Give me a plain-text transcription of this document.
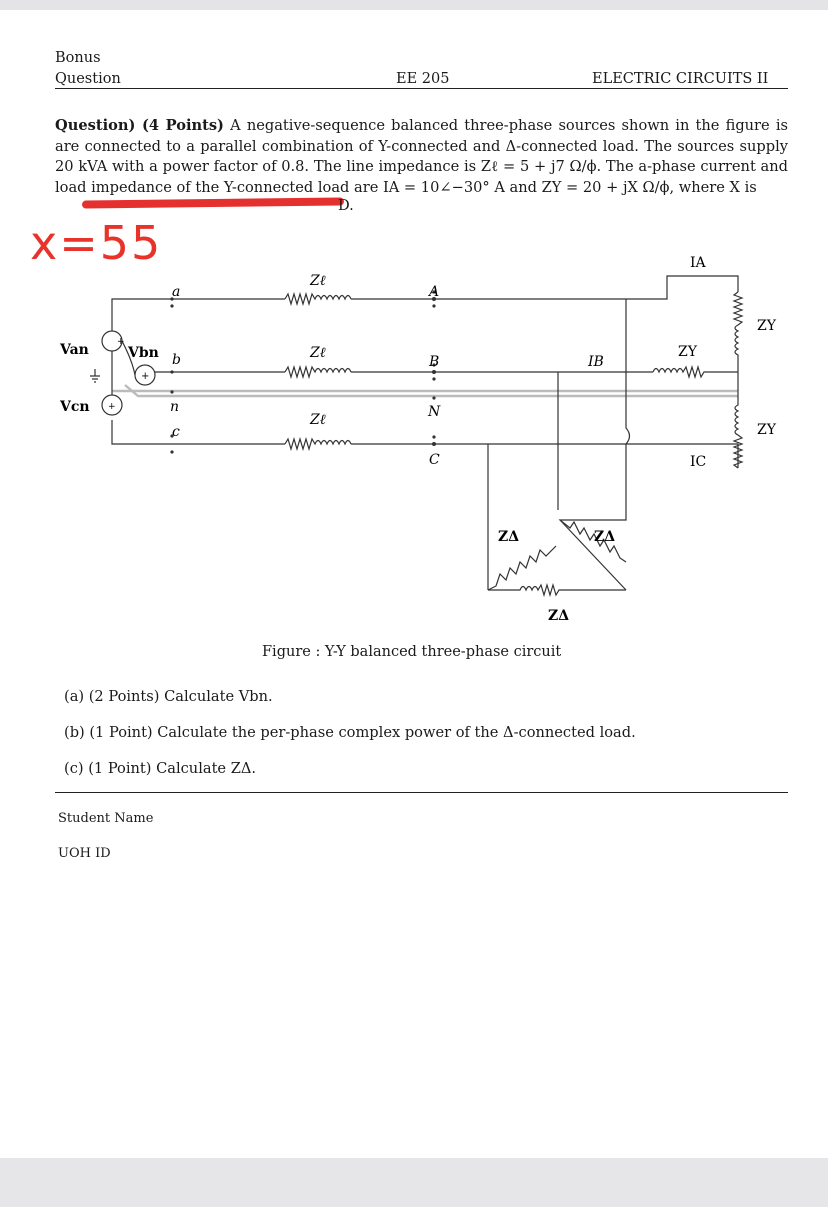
Bonus
Question	EE 205	ELECTRIC CIRCUITS II
Question) (4 Points) A negative-sequence balanced three-phase sources shown in the figure is are connected to a parallel combination of Y-connected and Δ-connected load. The sources supply 20 kVA with a power factor of 0.8. The line impedance is Zℓ = 5 + j7 Ω/ϕ. The a-phase current and load impedance of the Y-connected load are IA = 10∠−30° A and ZY = 20 + jX Ω/ϕ, where X is
D.
x=55
+
+
+
Zℓ
Zℓ
Zℓ
a
b
n
c
A
B
N
C
Van	Vbn
Vcn
IA
IB
IC
ZY
ZY
ZY
ZΔ	ZΔ
ZΔ
Figure : Y-Y balanced three-phase circuit
(a) (2 Points) Calculate Vbn.
(b) (1 Point) Calculate the per-phase complex power of the Δ-connected load.
(c) (1 Point) Calculate ZΔ.
Student Name
UOH ID
